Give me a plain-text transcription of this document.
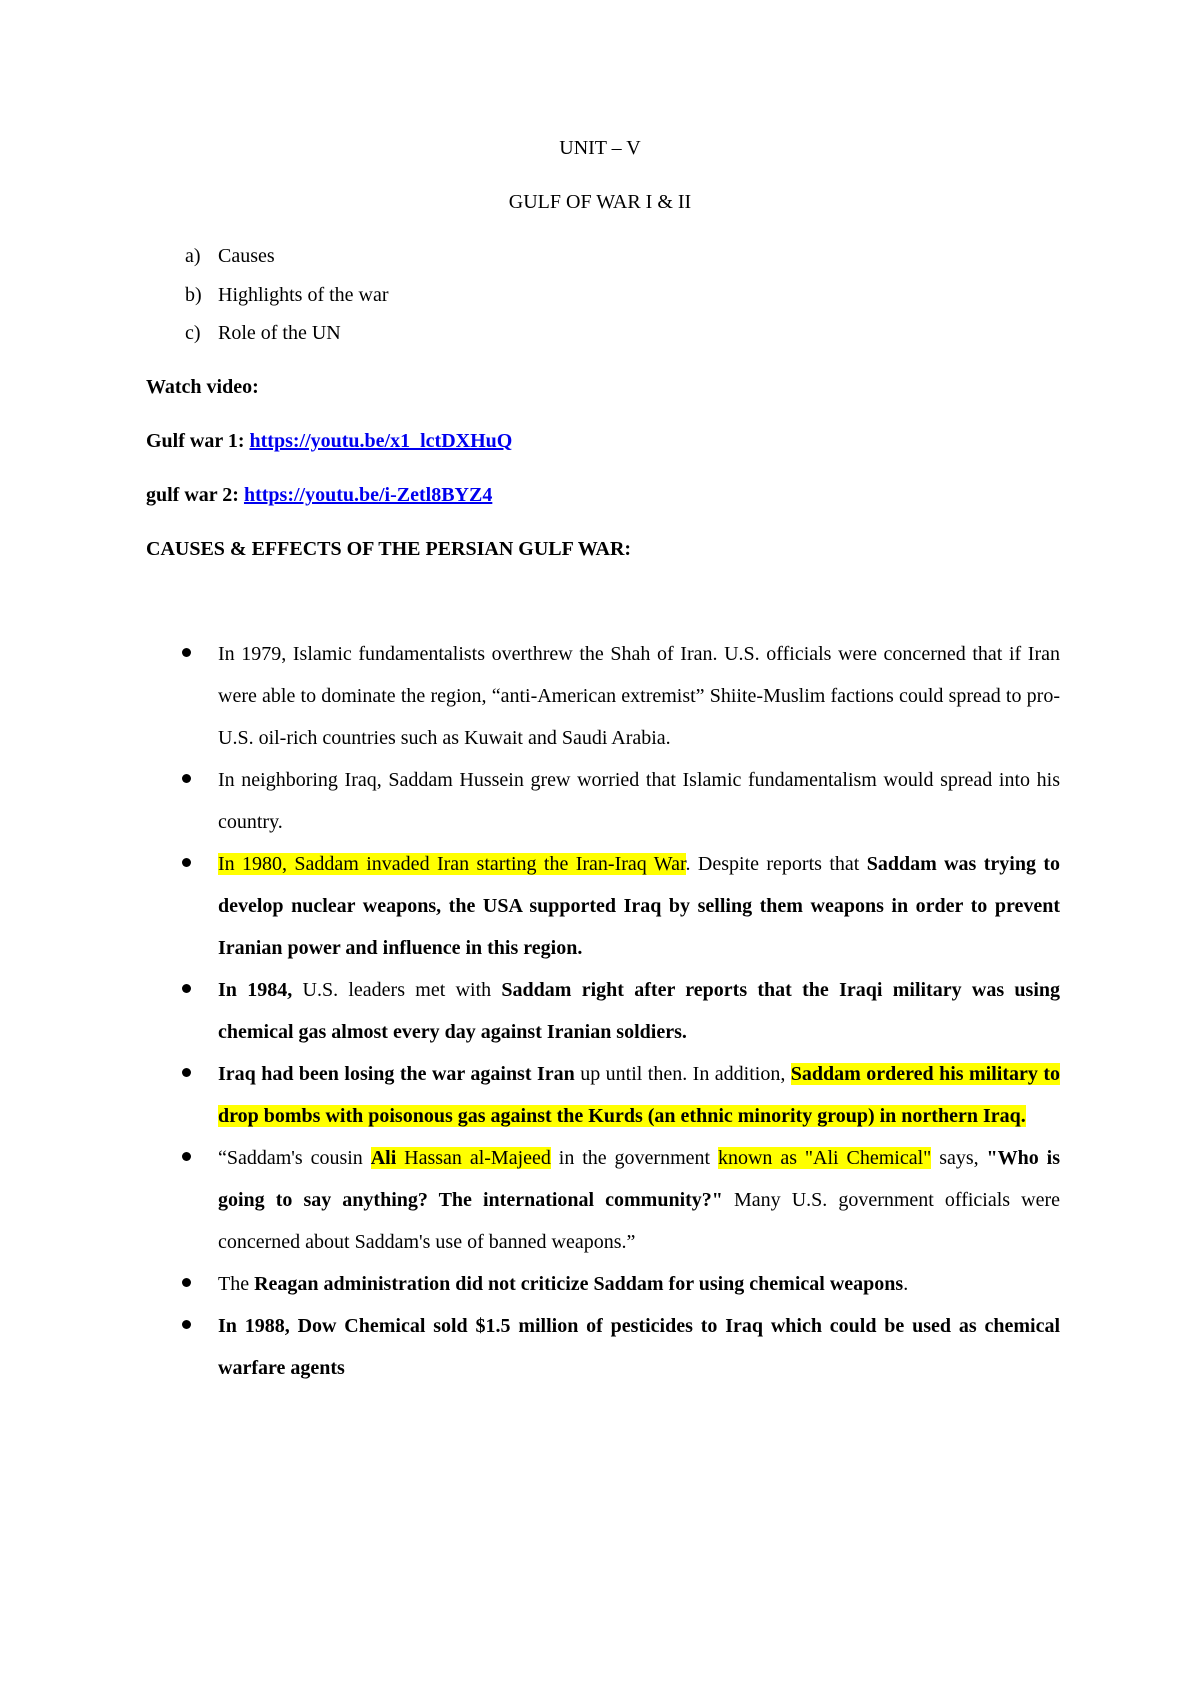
UNIT – V
GULF OF WAR I & II
a) Causes
b) Highlights of the war
c) Role of the UN
Watch video:
Gulf war 1: https://youtu.be/x1_lctDXHuQ
gulf war 2: https://youtu.be/i-Zetl8BYZ4
CAUSES & EFFECTS OF THE PERSIAN GULF WAR:
In 1979, Islamic fundamentalists overthrew the Shah of Iran. U.S. officials were concerned that if Iran were able to dominate the region, “anti-American extremist” Shiite-Muslim factions could spread to pro-U.S. oil-rich countries such as Kuwait and Saudi Arabia.
In neighboring Iraq, Saddam Hussein grew worried that Islamic fundamentalism would spread into his country.
In 1980, Saddam invaded Iran starting the Iran-Iraq War. Despite reports that Saddam was trying to develop nuclear weapons, the USA supported Iraq by selling them weapons in order to prevent Iranian power and influence in this region.
In 1984, U.S. leaders met with Saddam right after reports that the Iraqi military was using chemical gas almost every day against Iranian soldiers.
Iraq had been losing the war against Iran up until then. In addition, Saddam ordered his military to drop bombs with poisonous gas against the Kurds (an ethnic minority group) in northern Iraq.
“Saddam's cousin Ali Hassan al-Majeed in the government known as "Ali Chemical" says, "Who is going to say anything? The international community?" Many U.S. government officials were concerned about Saddam's use of banned weapons.”
The Reagan administration did not criticize Saddam for using chemical weapons.
In 1988, Dow Chemical sold $1.5 million of pesticides to Iraq which could be used as chemical warfare agents
